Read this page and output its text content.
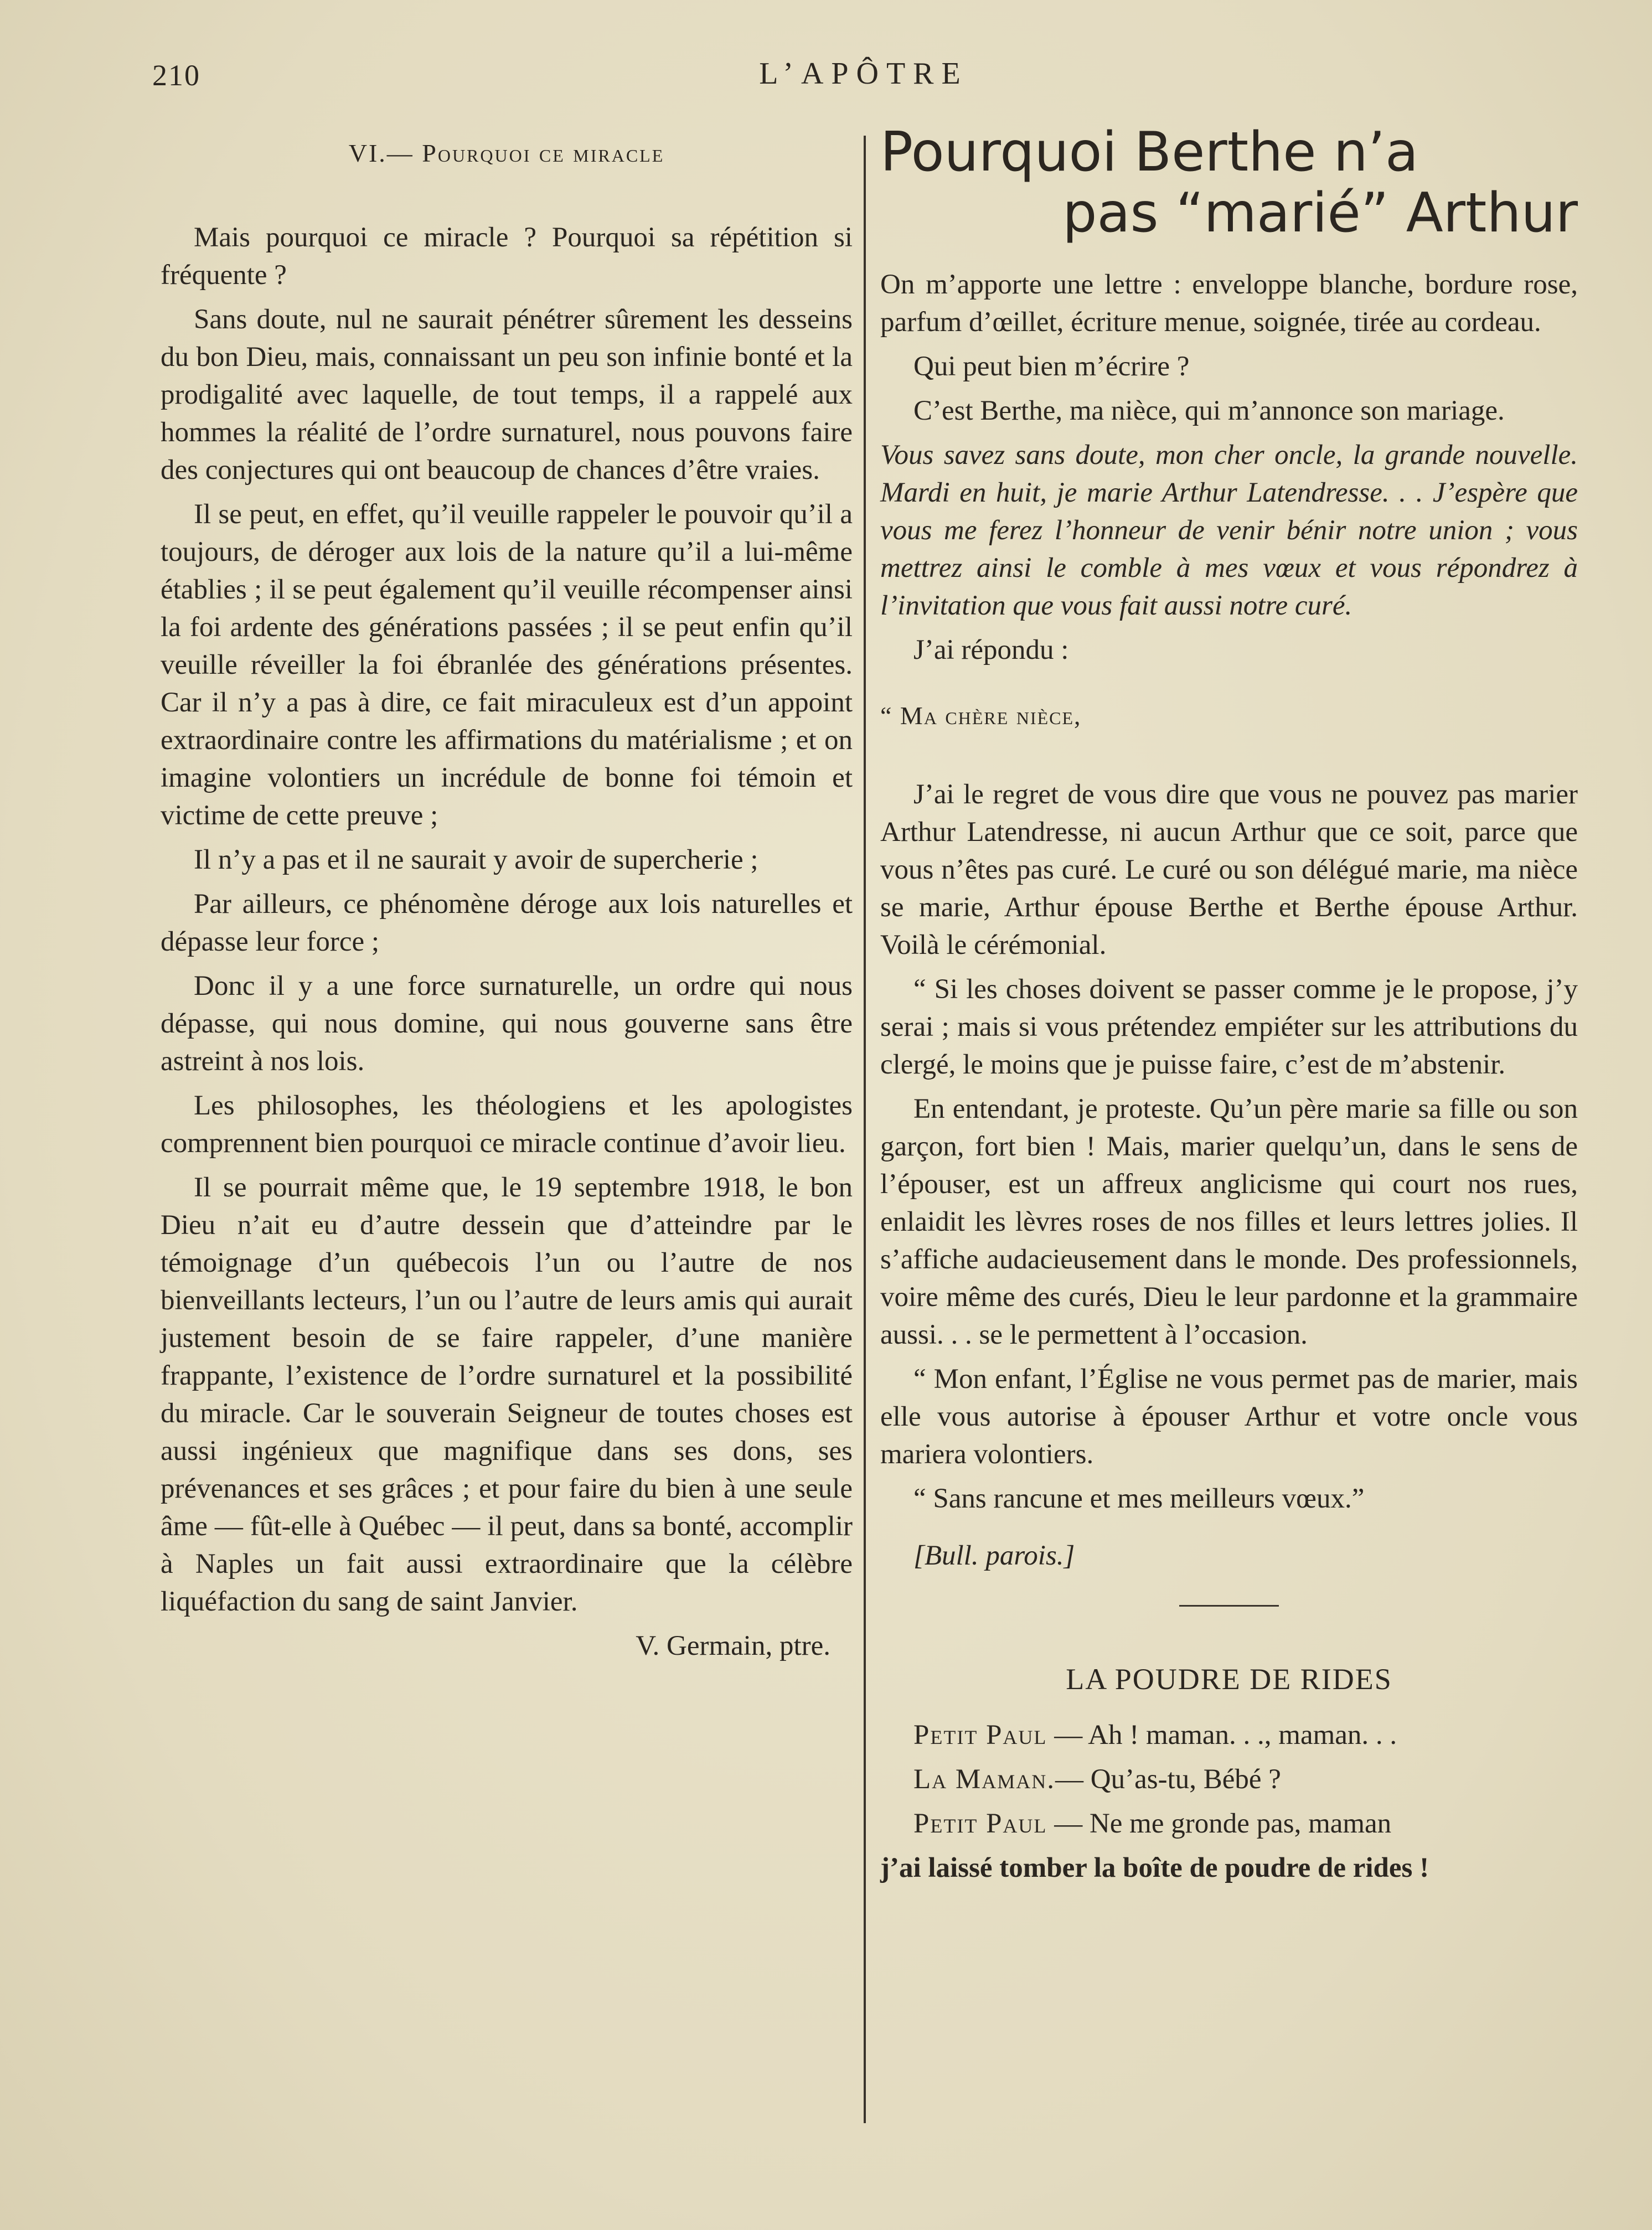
210	L’APÔTRE
VI.— Pourquoi ce miracle

Mais pourquoi ce miracle ? Pourquoi sa répétition si fréquente ?

Sans doute, nul ne saurait pénétrer sûrement les desseins du bon Dieu, mais, connaissant un peu son infinie bonté et la prodigalité avec laquelle, de tout temps, il a rappelé aux hommes la réalité de l’ordre surnaturel, nous pouvons faire des conjectures qui ont beaucoup de chances d’être vraies.

Il se peut, en effet, qu’il veuille rappeler le pouvoir qu’il a toujours, de déroger aux lois de la nature qu’il a lui-même établies ; il se peut également qu’il veuille récompenser ainsi la foi ardente des générations passées ; il se peut enfin qu’il veuille réveiller la foi ébranlée des générations présentes. Car il n’y a pas à dire, ce fait miraculeux est d’un appoint extraordinaire contre les affirmations du matérialisme ; et on imagine volontiers un incrédule de bonne foi témoin et victime de cette preuve ;

Il n’y a pas et il ne saurait y avoir de supercherie ;

Par ailleurs, ce phénomène déroge aux lois naturelles et dépasse leur force ;

Donc il y a une force surnaturelle, un ordre qui nous dépasse, qui nous domine, qui nous gouverne sans être astreint à nos lois.

Les philosophes, les théologiens et les apologistes comprennent bien pourquoi ce miracle continue d’avoir lieu.

Il se pourrait même que, le 19 septembre 1918, le bon Dieu n’ait eu d’autre dessein que d’atteindre par le témoignage d’un québecois l’un ou l’autre de nos bienveillants lecteurs, l’un ou l’autre de leurs amis qui aurait justement besoin de se faire rappeler, d’une manière frappante, l’existence de l’ordre surnaturel et la possibilité du miracle. Car le souverain Seigneur de toutes choses est aussi ingénieux que magnifique dans ses dons, ses prévenances et ses grâces ; et pour faire du bien à une seule âme — fût-elle à Québec — il peut, dans sa bonté, accomplir à Naples un fait aussi extraordinaire que la célèbre liquéfaction du sang de saint Janvier.

V. Germain, ptre.
Pourquoi Berthe n’a
pas “marié” Arthur

On m’apporte une lettre : enveloppe blanche, bordure rose, parfum d’œillet, écriture menue, soignée, tirée au cordeau.

Qui peut bien m’écrire ?

C’est Berthe, ma nièce, qui m’annonce son mariage.

Vous savez sans doute, mon cher oncle, la grande nouvelle. Mardi en huit, je marie Arthur Latendresse. . . J’espère que vous me ferez l’honneur de venir bénir notre union ; vous mettrez ainsi le comble à mes vœux et vous répondrez à l’invitation que vous fait aussi notre curé.

J’ai répondu :

“ Ma chère nièce,

J’ai le regret de vous dire que vous ne pouvez pas marier Arthur Latendresse, ni aucun Arthur que ce soit, parce que vous n’êtes pas curé. Le curé ou son délégué marie, ma nièce se marie, Arthur épouse Berthe et Berthe épouse Arthur. Voilà le cérémonial.

“ Si les choses doivent se passer comme je le propose, j’y serai ; mais si vous prétendez empiéter sur les attributions du clergé, le moins que je puisse faire, c’est de m’abstenir.

En entendant, je proteste. Qu’un père marie sa fille ou son garçon, fort bien ! Mais, marier quelqu’un, dans le sens de l’épouser, est un affreux anglicisme qui court nos rues, enlaidit les lèvres roses de nos filles et leurs lettres jolies. Il s’affiche audacieusement dans le monde. Des professionnels, voire même des curés, Dieu le leur pardonne et la grammaire aussi. . . se le permettent à l’occasion.

“ Mon enfant, l’Église ne vous permet pas de marier, mais elle vous autorise à épouser Arthur et votre oncle vous mariera volontiers.

“ Sans rancune et mes meilleurs vœux.”

[Bull. parois.]
LA POUDRE DE RIDES

Petit Paul — Ah ! maman. . ., maman. . .

La Maman.— Qu’as-tu, Bébé ?

Petit Paul — Ne me gronde pas, maman

j’ai laissé tomber la boîte de poudre de rides !
